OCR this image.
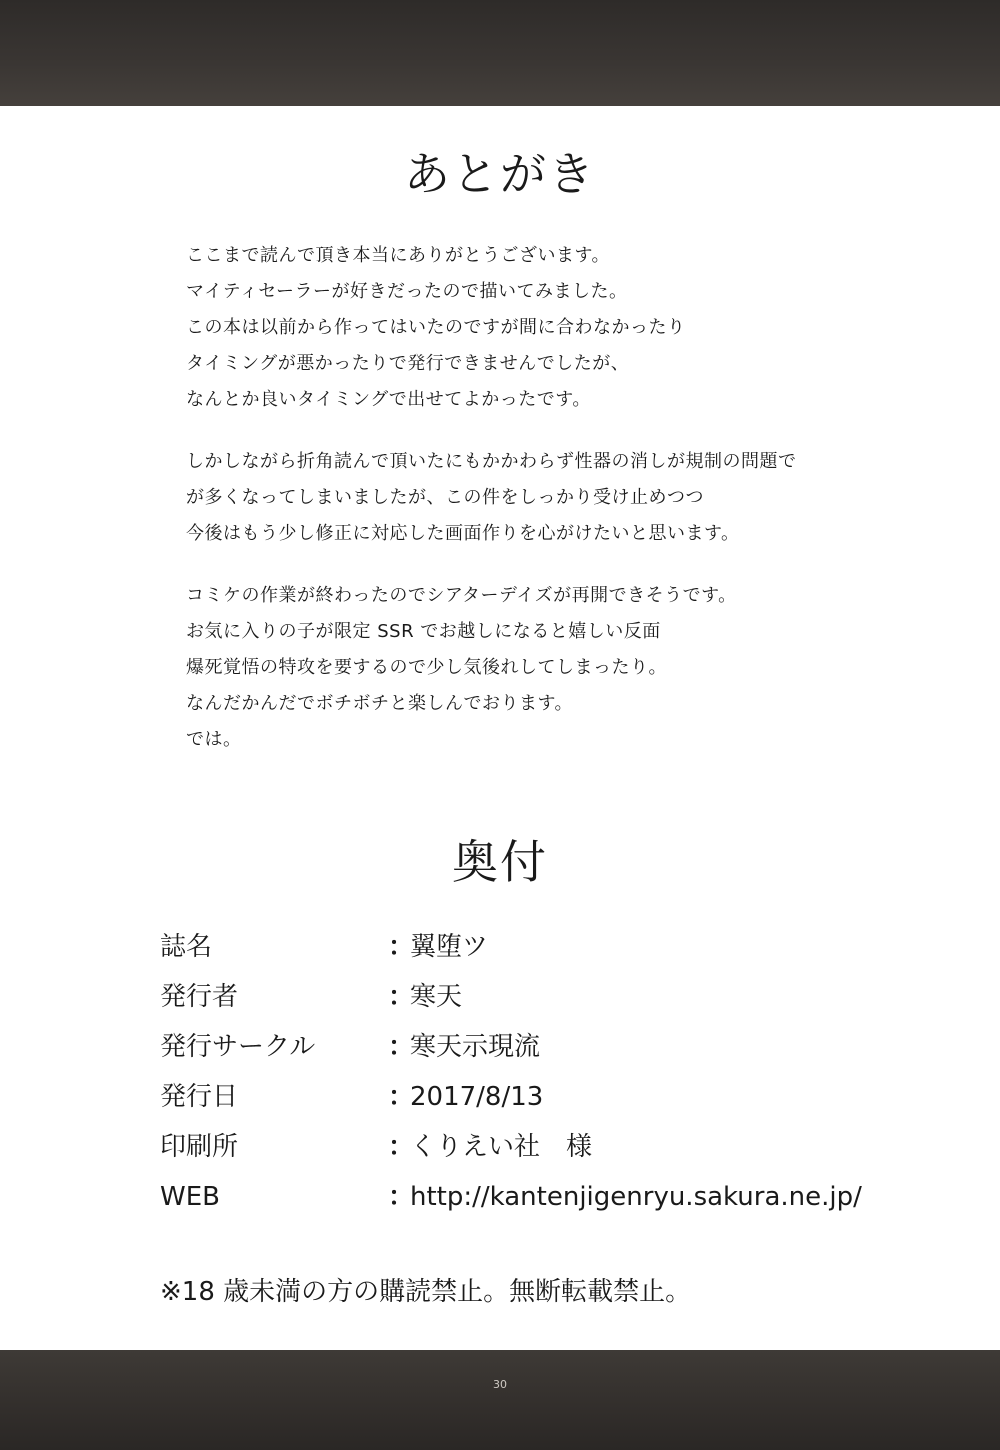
あとがき
ここまで読んで頂き本当にありがとうございます。
マイティセーラーが好きだったので描いてみました。
この本は以前から作ってはいたのですが間に合わなかったり
タイミングが悪かったりで発行できませんでしたが、
なんとか良いタイミングで出せてよかったです。
しかしながら折角読んで頂いたにもかかわらず性器の消しが規制の問題で
が多くなってしまいましたが、この件をしっかり受け止めつつ
今後はもう少し修正に対応した画面作りを心がけたいと思います。
コミケの作業が終わったのでシアターデイズが再開できそうです。
お気に入りの子が限定 SSR でお越しになると嬉しい反面
爆死覚悟の特攻を要するので少し気後れしてしまったり。
なんだかんだでボチボチと楽しんでおります。
では。
奥付
誌名	：
翼堕ツ
発行者	：
寒天
発行サークル	：
寒天示現流
発行日	：
2017/8/13
印刷所	：
くりえい社　様
WEB	：
http://kantenjigenryu.sakura.ne.jp/
※18 歳未満の方の購読禁止。無断転載禁止。
30
